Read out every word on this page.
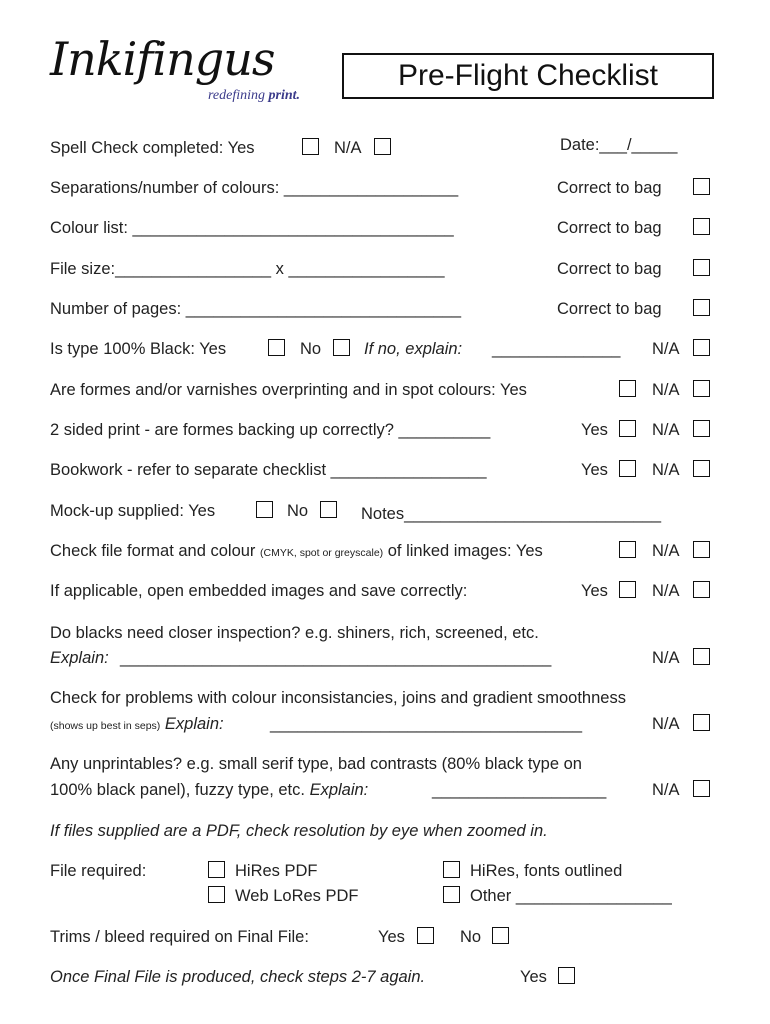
Inkifingus
redefining print.
Pre-Flight Checklist
Spell Check completed: Yes	N/A	Date:___/_____
Separations/number of colours: ___________________	Correct to bag
Colour list: ___________________________________	Correct to bag
File size:_________________ x _________________	Correct to bag
Number of pages: ______________________________	Correct to bag
Is type 100% Black: Yes	No	If no, explain: ______________ N/A
Are formes and/or varnishes overprinting and in spot colours: Yes	N/A
2 sided print - are formes backing up correctly? __________	Yes	N/A
Bookwork - refer to separate checklist _________________	Yes	N/A
Mock-up supplied: Yes	No	Notes____________________________
Check file format and colour (CMYK, spot or greyscale) of linked images: Yes	N/A
If applicable, open embedded images and save correctly:	Yes	N/A
Do blacks need closer inspection? e.g. shiners, rich, screened, etc.
Explain: _______________________________________________	N/A
Check for problems with colour inconsistancies, joins and gradient smoothness
(shows up best in seps) Explain:	__________________________________	N/A
Any unprintables? e.g. small serif type, bad contrasts (80% black type on
100% black panel), fuzzy type, etc. Explain:	___________________	N/A
If files supplied are a PDF, check resolution by eye when zoomed in.
File required:	HiRes PDF	HiRes, fonts outlined
Web LoRes PDF	Other _________________
Trims / bleed required on Final File:	Yes	No
Once Final File is produced, check steps 2-7 again.	Yes
